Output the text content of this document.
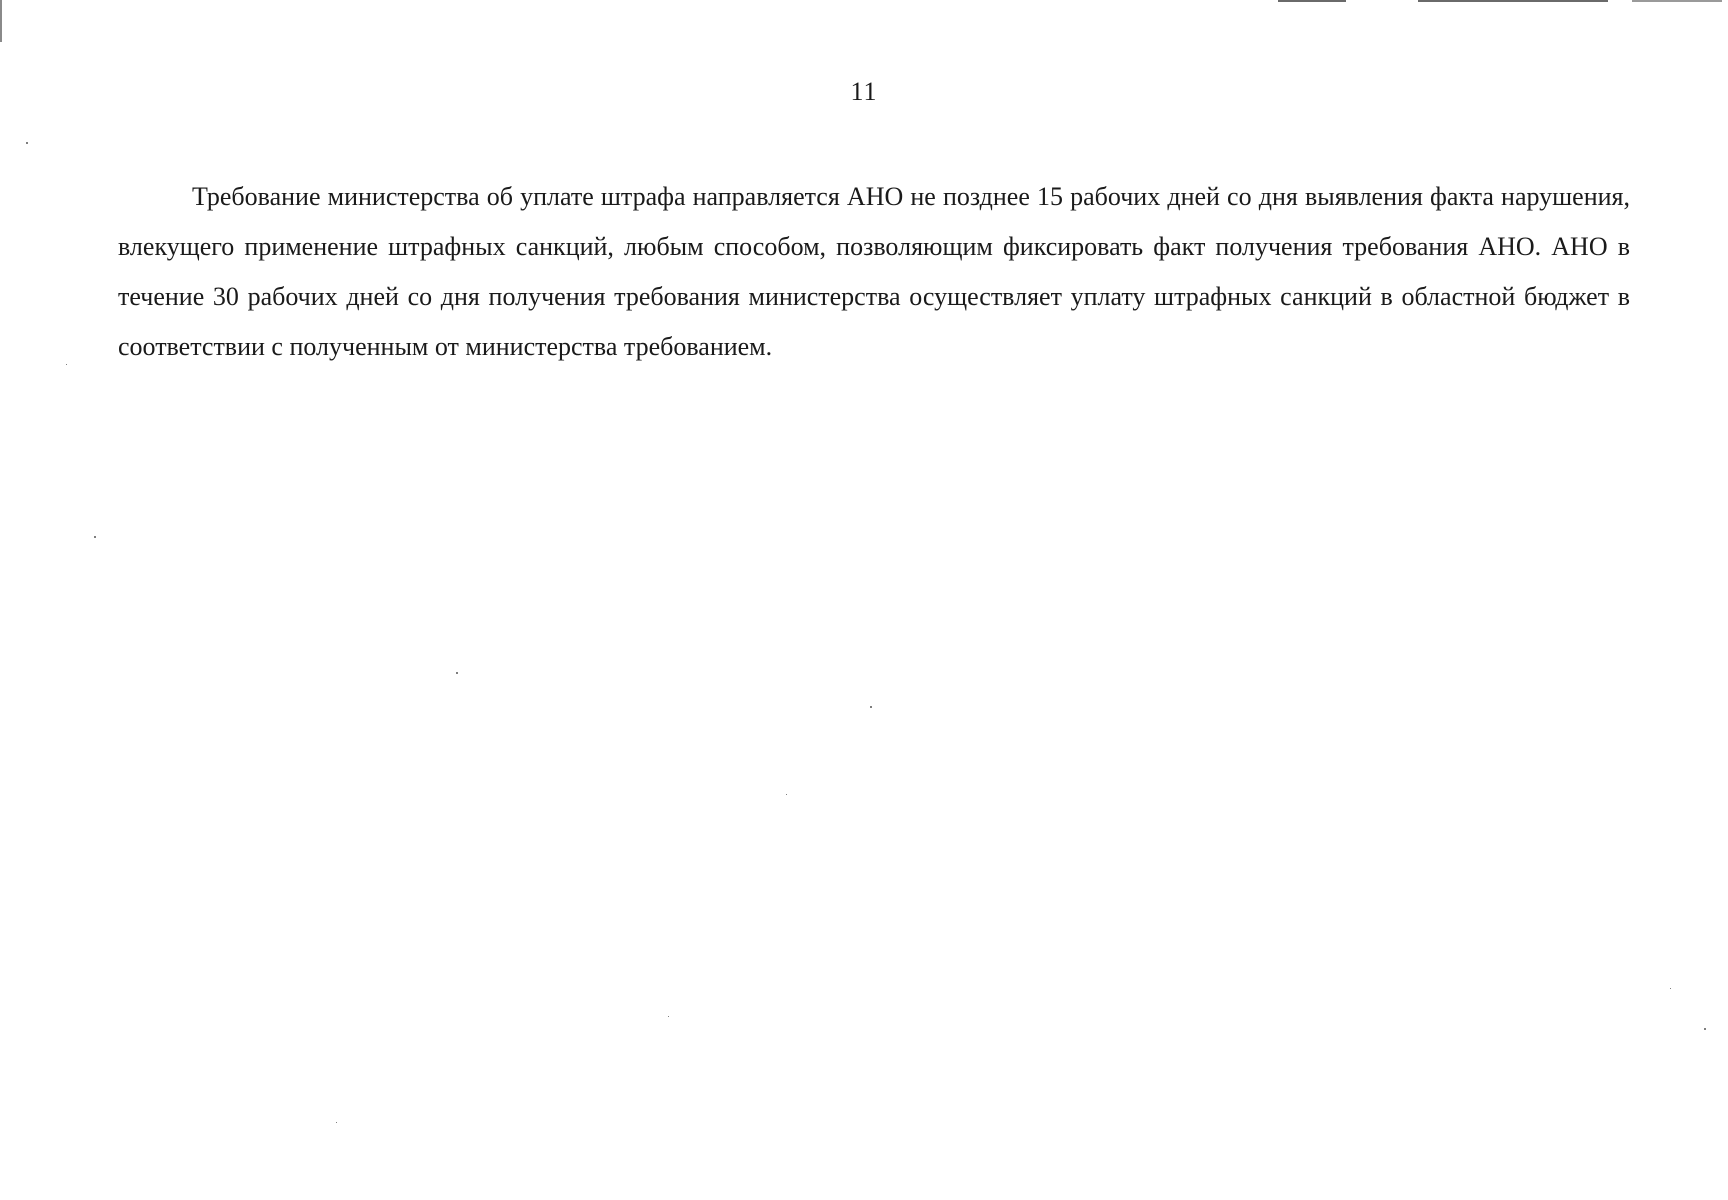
11

Требование министерства об уплате штрафа направляется АНО не позднее 15 рабочих дней со дня выявления факта нарушения, влекущего применение штрафных санкций, любым способом, позволяющим фиксировать факт получения требования АНО. АНО в течение 30 рабочих дней со дня получения требования министерства осуществляет уплату штрафных санкций в областной бюджет в соответствии с полученным от министерства требованием.
